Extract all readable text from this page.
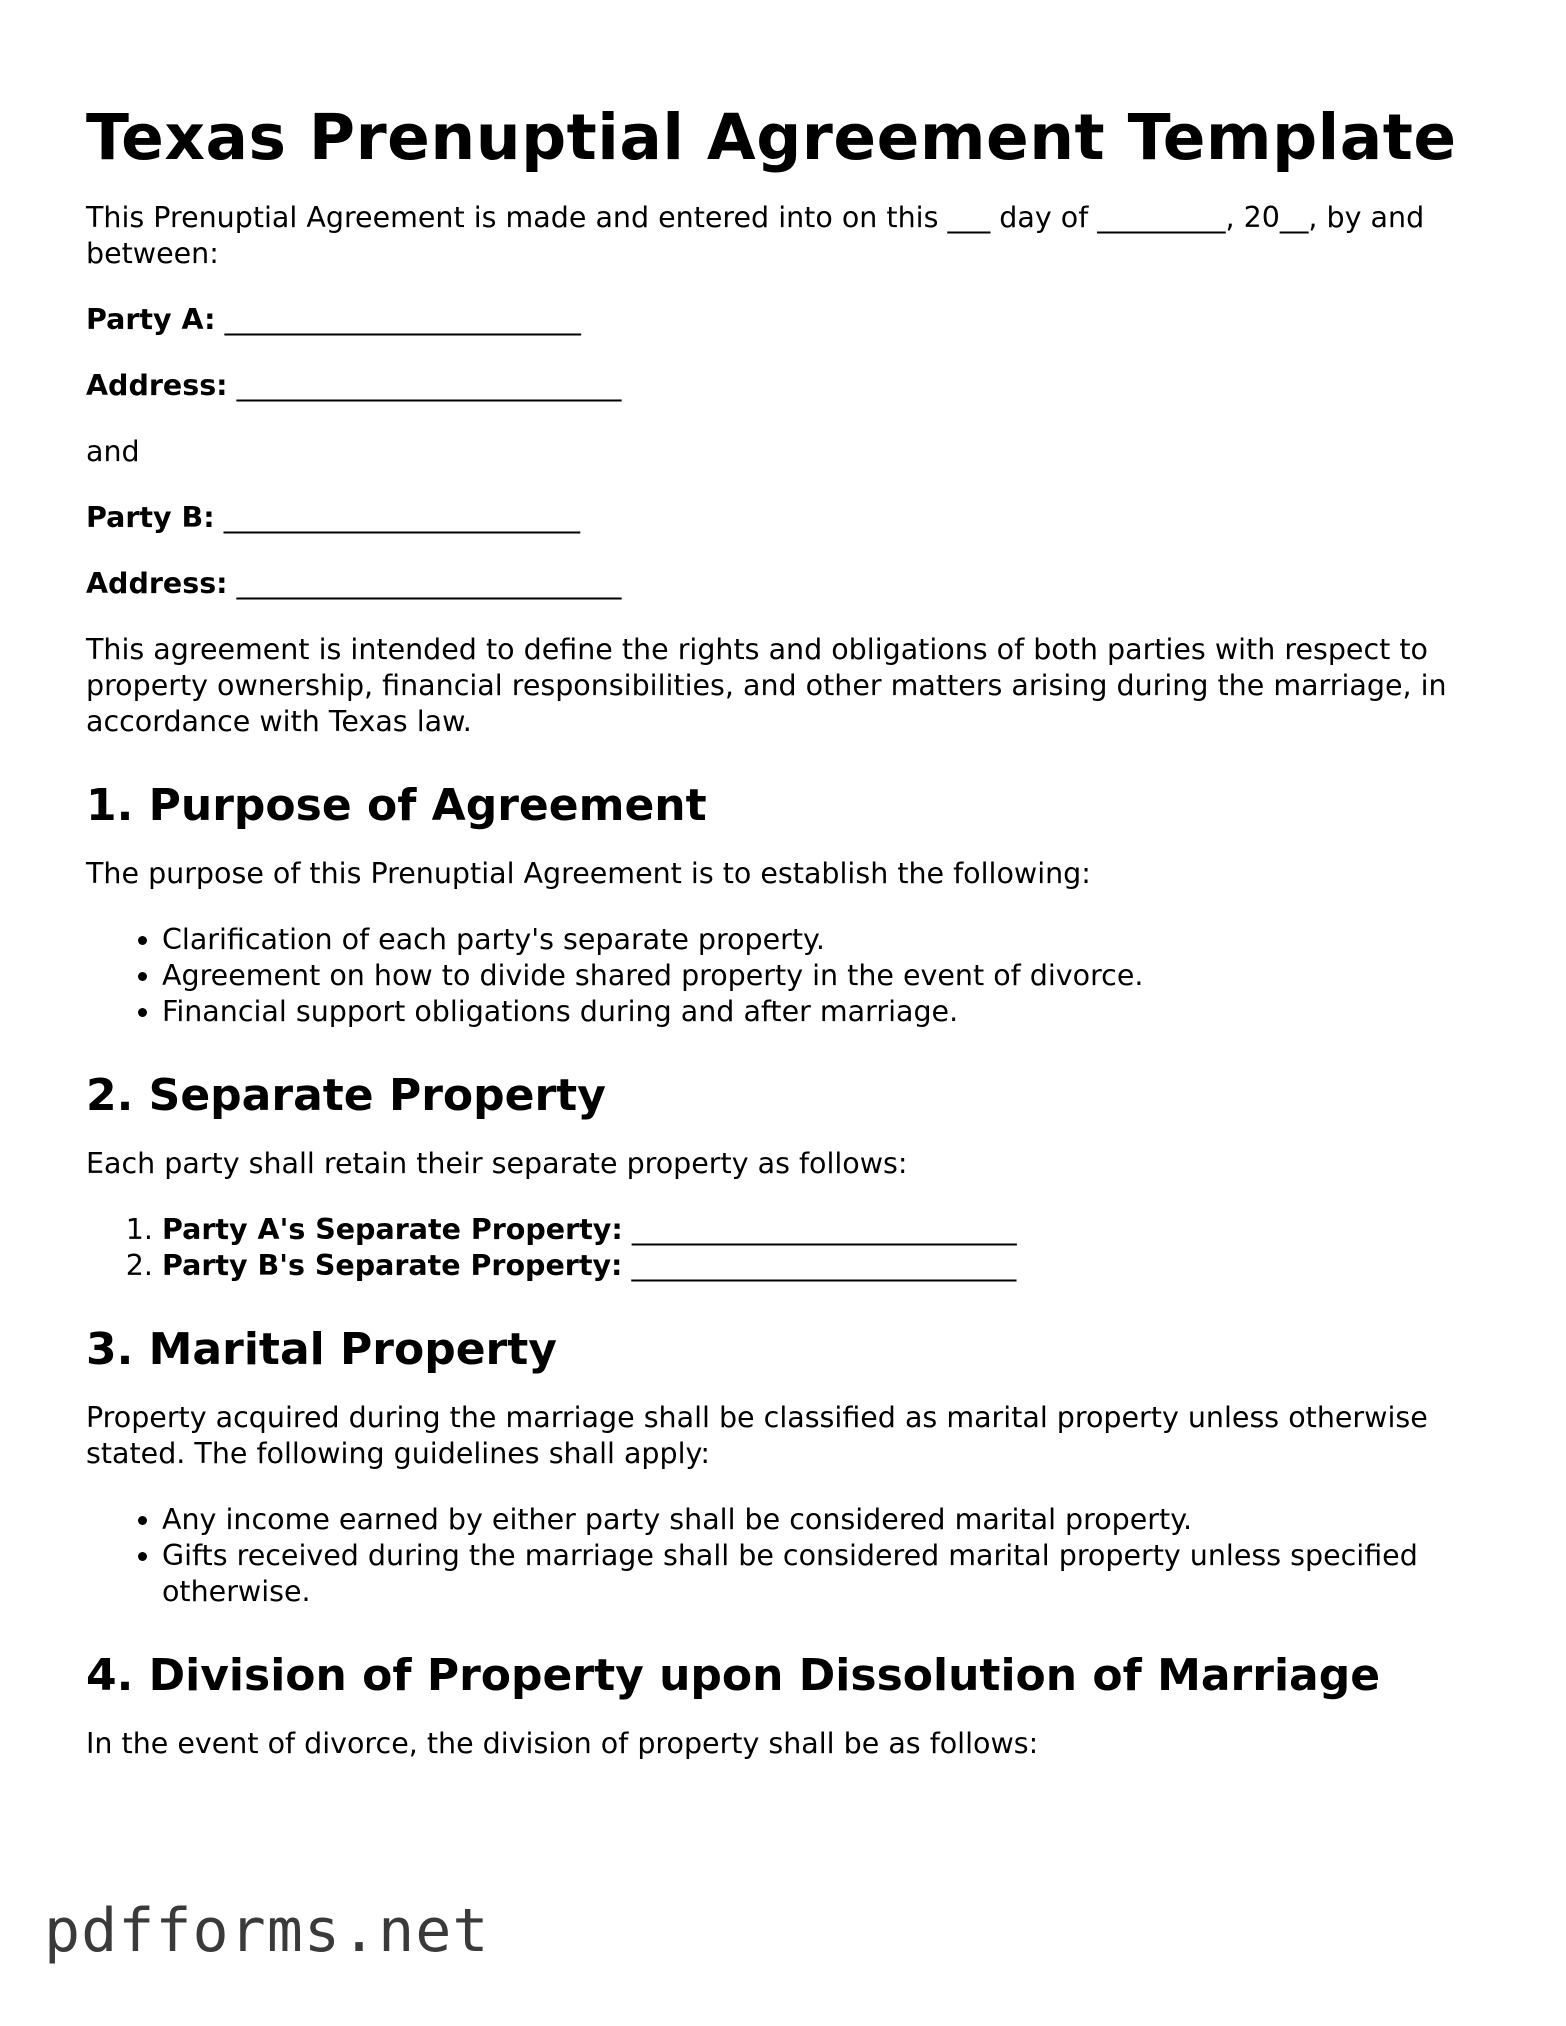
Texas Prenuptial Agreement Template

This Prenuptial Agreement is made and entered into on this ___ day of _________, 20__, by and between:

Party A: _________________________

Address: ___________________________

and

Party B: _________________________

Address: ___________________________

This agreement is intended to define the rights and obligations of both parties with respect to property ownership, financial responsibilities, and other matters arising during the marriage, in accordance with Texas law.

1. Purpose of Agreement

The purpose of this Prenuptial Agreement is to establish the following:

• Clarification of each party's separate property.
• Agreement on how to divide shared property in the event of divorce.
• Financial support obligations during and after marriage.
2. Separate Property

Each party shall retain their separate property as follows:

1. Party A's Separate Property: ___________________________
2. Party B's Separate Property: ___________________________
3. Marital Property

Property acquired during the marriage shall be classified as marital property unless otherwise stated. The following guidelines shall apply:

• Any income earned by either party shall be considered marital property.
• Gifts received during the marriage shall be considered marital property unless specified otherwise.
4. Division of Property upon Dissolution of Marriage

In the event of divorce, the division of property shall be as follows:

pdfforms.net
